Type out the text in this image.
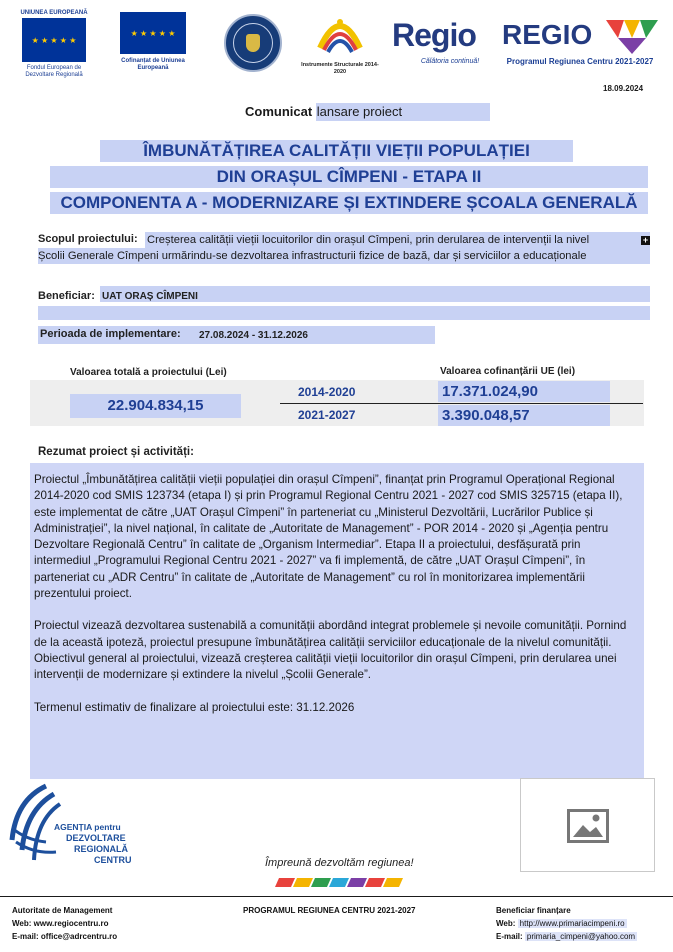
UNIUNEA EUROPEANĂ
★ ★ ★ ★ ★
Fondul European de Dezvoltare Regională
★ ★ ★ ★ ★
Cofinanțat de Uniunea Europeană	Instrumente Structurale 2014-2020
Regio
Călătoria continuă!
REGIO
Programul Regiunea Centru 2021-2027
18.09.2024
Comunicat lansare proiect
ÎMBUNĂTĂȚIREA CALITĂȚII VIEȚII POPULAȚIEI
DIN ORAȘUL CÎMPENI - ETAPA II
COMPONENTA A - MODERNIZARE ȘI EXTINDERE ȘCOALA GENERALĂ
Scopul proiectului: Creșterea calității vieții locuitorilor din orașul Cîmpeni, prin derularea de intervenții la nivel	+
Școlii Generale Cîmpeni urmărindu-se dezvoltarea infrastructurii fizice de bază, dar și serviciilor a educaționale
Beneficiar: UAT ORAȘ CÎMPENI
Perioada de implementare: 27.08.2024 - 31.12.2026
Valoarea totală a proiectului (Lei)	Valoarea cofinanțării UE (lei)
22.904.834,15
2014-2020	17.371.024,90
2021-2027	3.390.048,57
Rezumat proiect și activități:

Proiectul „Îmbunătățirea calității vieții populației din orașul Cîmpeni”, finanțat prin Programul Operațional Regional 2014-2020 cod SMIS 123734 (etapa I) și prin Programul Regional Centru 2021 - 2027 cod SMIS 325715 (etapa II), este implementat de către „UAT Orașul Cîmpeni” în parteneriat cu „Ministerul Dezvoltării, Lucrărilor Publice și Administrației”, la nivel național, în calitate de „Autoritate de Management” - POR 2014 - 2020 și „Agenția pentru Dezvoltare Regională Centru” în calitate de „Organism Intermediar”. Etapa II a proiectului, desfășurată prin intermediul „Programului Regional Centru 2021 - 2027” va fi implementă, de către „UAT Orașul Cîmpeni”, în parteneriat cu „ADR Centru” în calitate de „Autoritate de Management” cu rol în monitorizarea implementării prezentului proiect.

Proiectul vizează dezvoltarea sustenabilă a comunității abordând integrat problemele și nevoile comunității. Pornind de la această ipoteză, proiectul presupune îmbunătățirea calității serviciilor educaționale de la nivelul comunității. Obiectivul general al proiectului, vizează creșterea calității vieții locuitorilor din orașul Cîmpeni, prin derularea unei intervenții de modernizare și extindere la nivelul „Școlii Generale”.

Termenul estimativ de finalizare al proiectului este: 31.12.2026

AGENȚIA pentru
DEZVOLTARE
REGIONALĂ
CENTRU	Împreună dezvoltăm regiunea!
Autoritate de Management
Web: www.regiocentru.ro
E-mail: office@adrcentru.ro
PROGRAMUL REGIUNEA CENTRU 2021-2027	Beneficiar finanțare
Web: http://www.primariacimpeni.ro
E-mail: primaria_cimpeni@yahoo.com
